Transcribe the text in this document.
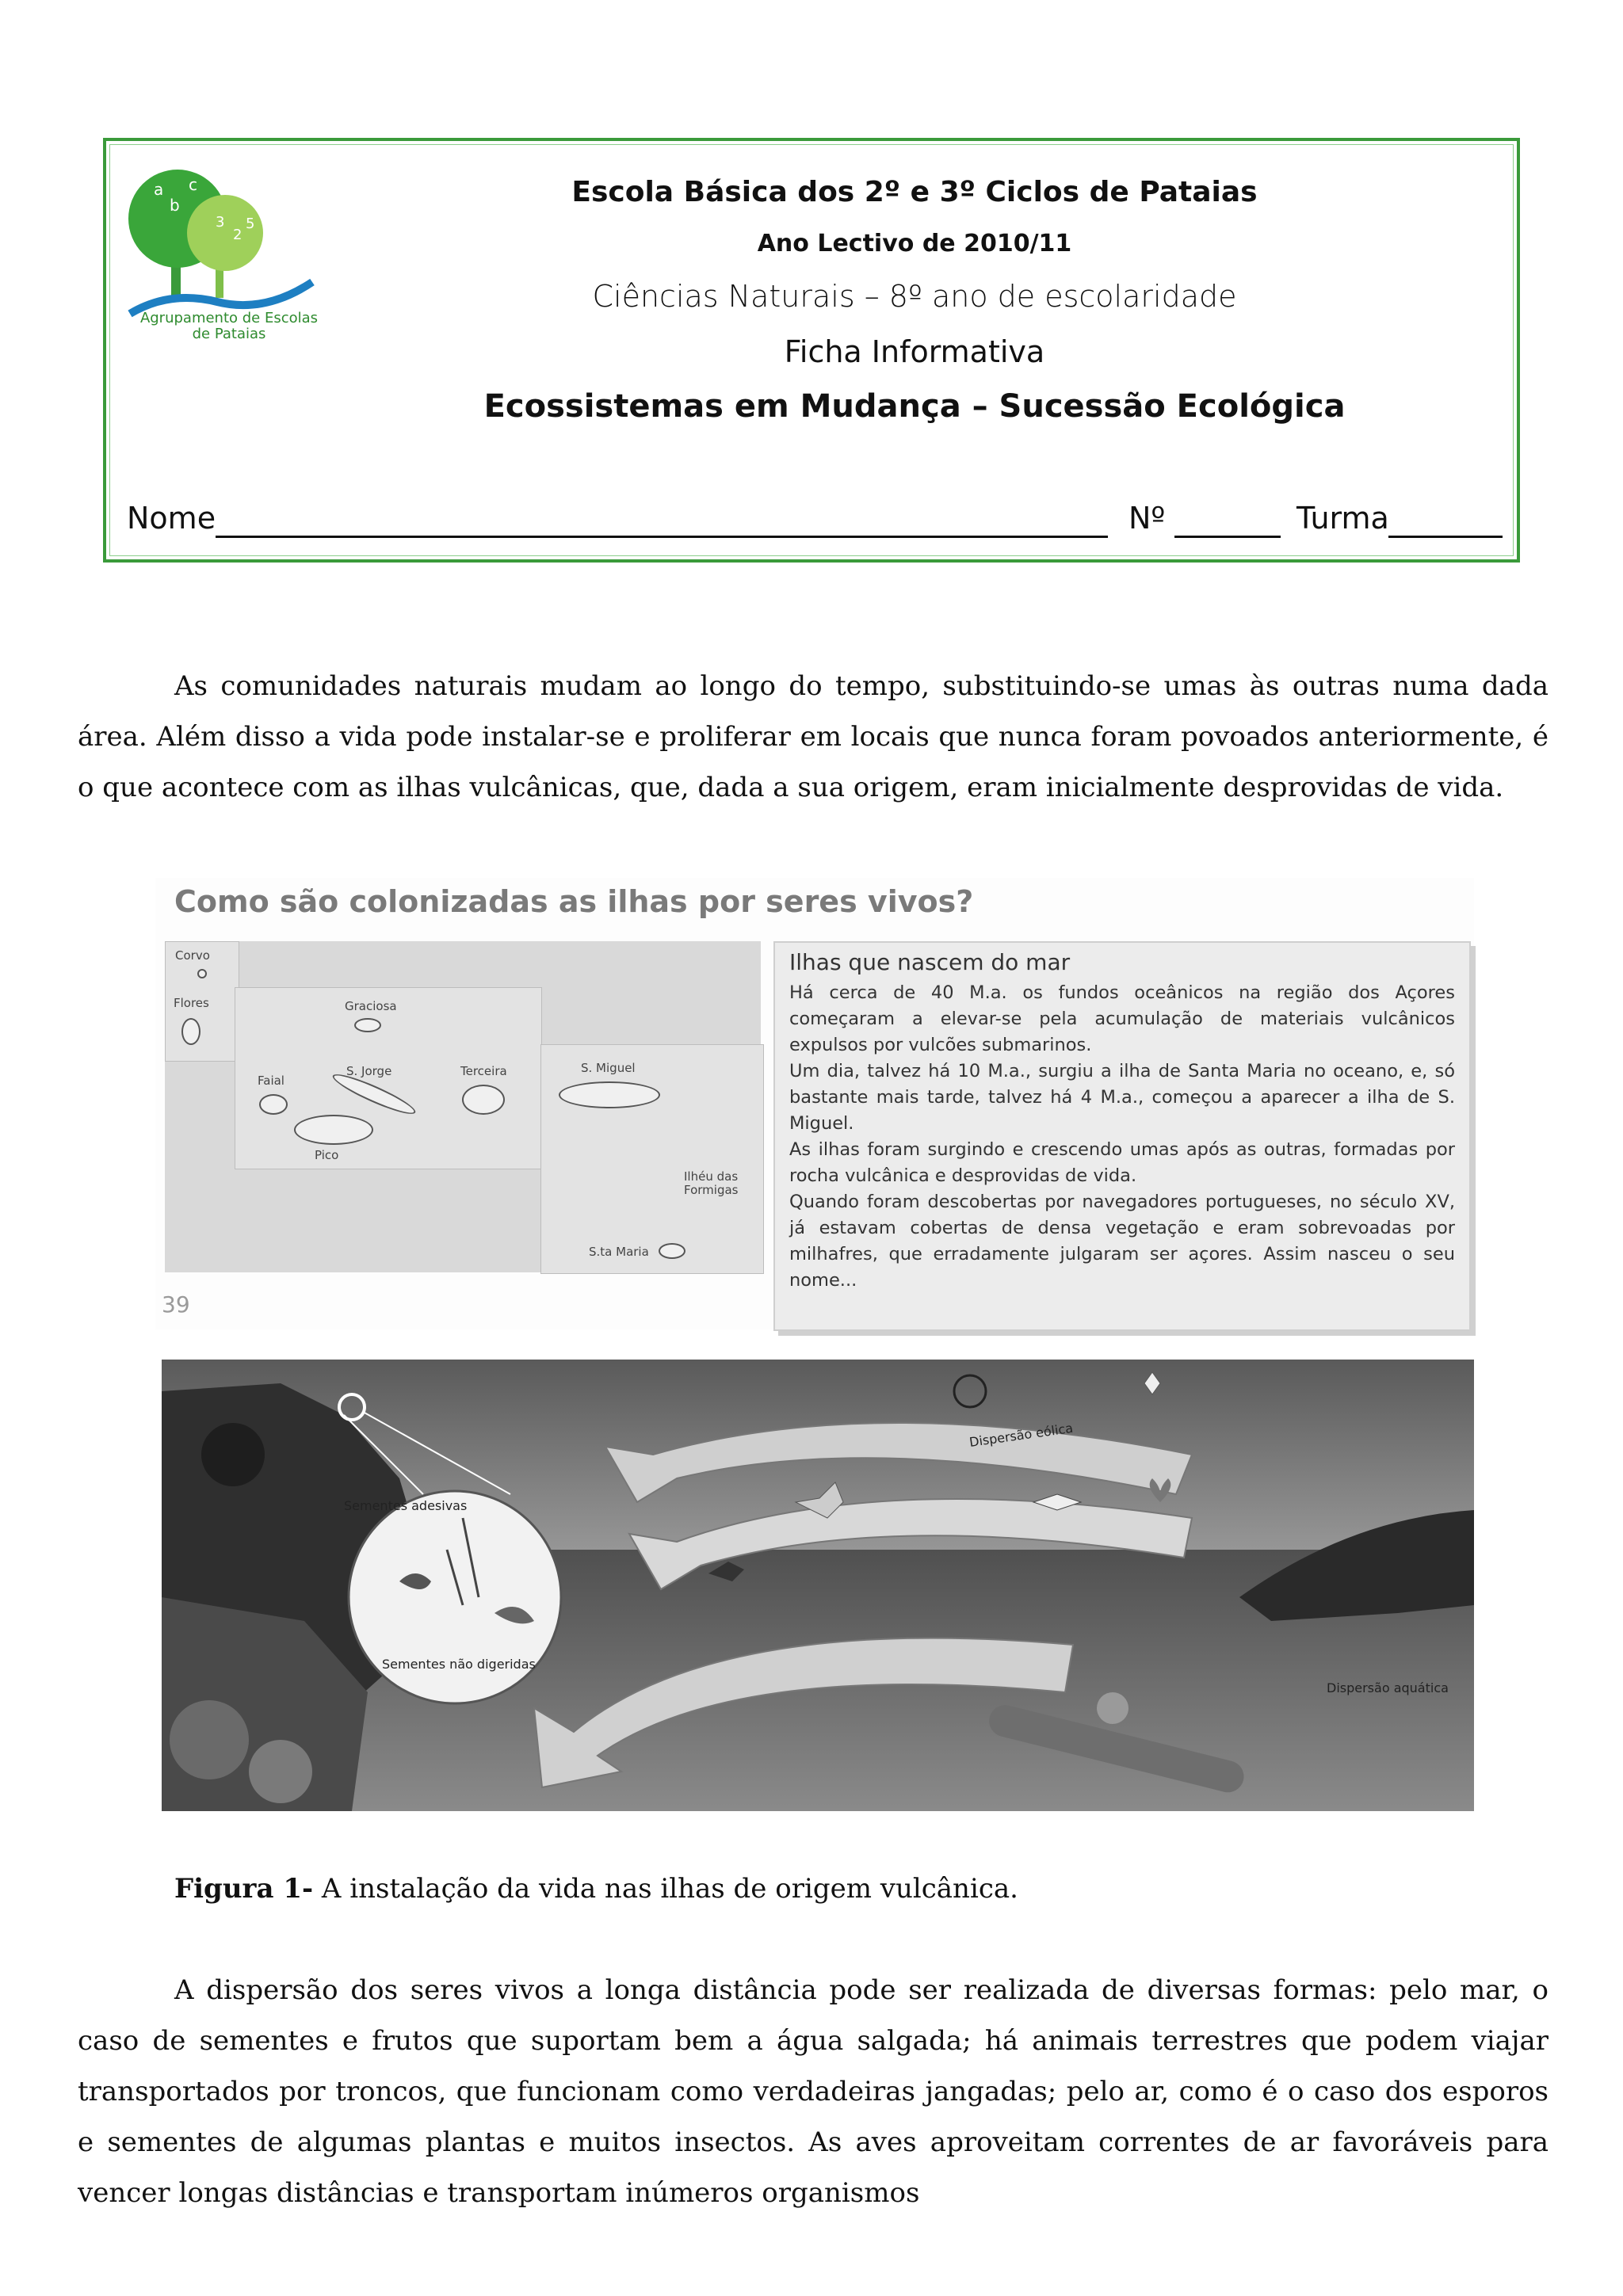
a
b
c
3
2
5
Agrupamento de Escolas
de Pataias
Escola Básica dos 2º e 3º Ciclos de Pataias
Ano Lectivo de 2010/11
Ciências Naturais – 8º ano de escolaridade
Ficha Informativa
Ecossistemas em Mudança – Sucessão Ecológica
Nome	Nº	Turma
As comunidades naturais mudam ao longo do tempo, substituindo-se umas às outras numa dada área. Além disso a vida pode instalar-se e proliferar em locais que nunca foram povoados anteriormente, é o que acontece com as ilhas vulcânicas, que, dada a sua origem, eram inicialmente desprovidas de vida.
Como são colonizadas as ilhas por seres vivos?
Corvo
Flores	Graciosa
Faial
S. Jorge	Terceira
Pico
S. Miguel
Ilhéu das Formigas
S.ta Maria
39
Ilhas que nascem do mar
Há cerca de 40 M.a. os fundos oceânicos na região dos Açores começaram a elevar-se pela acumulação de materiais vulcânicos expulsos por vulcões submarinos.
Um dia, talvez há 10 M.a., surgiu a ilha de Santa Maria no oceano, e, só bastante mais tarde, talvez há 4 M.a., começou a aparecer a ilha de S. Miguel.
As ilhas foram surgindo e crescendo umas após as outras, formadas por rocha vulcânica e desprovidas de vida.
Quando foram descobertas por navegadores portugueses, no século XV, já estavam cobertas de densa vegetação e eram sobrevoadas por milhafres, que erradamente julgaram ser açores. Assim nasceu o seu nome...
Sementes adesivas
Sementes não digeridas
Dispersão eólica
Dispersão aquática
Figura 1- A instalação da vida nas ilhas de origem vulcânica.
A dispersão dos seres vivos a longa distância pode ser realizada de diversas formas: pelo mar, o caso de sementes e frutos que suportam bem a água salgada; há animais terrestres que podem viajar transportados por troncos, que funcionam como verdadeiras jangadas; pelo ar, como é o caso dos esporos e sementes de algumas plantas e muitos insectos. As aves aproveitam correntes de ar favoráveis para vencer longas distâncias e transportam inúmeros organismos
